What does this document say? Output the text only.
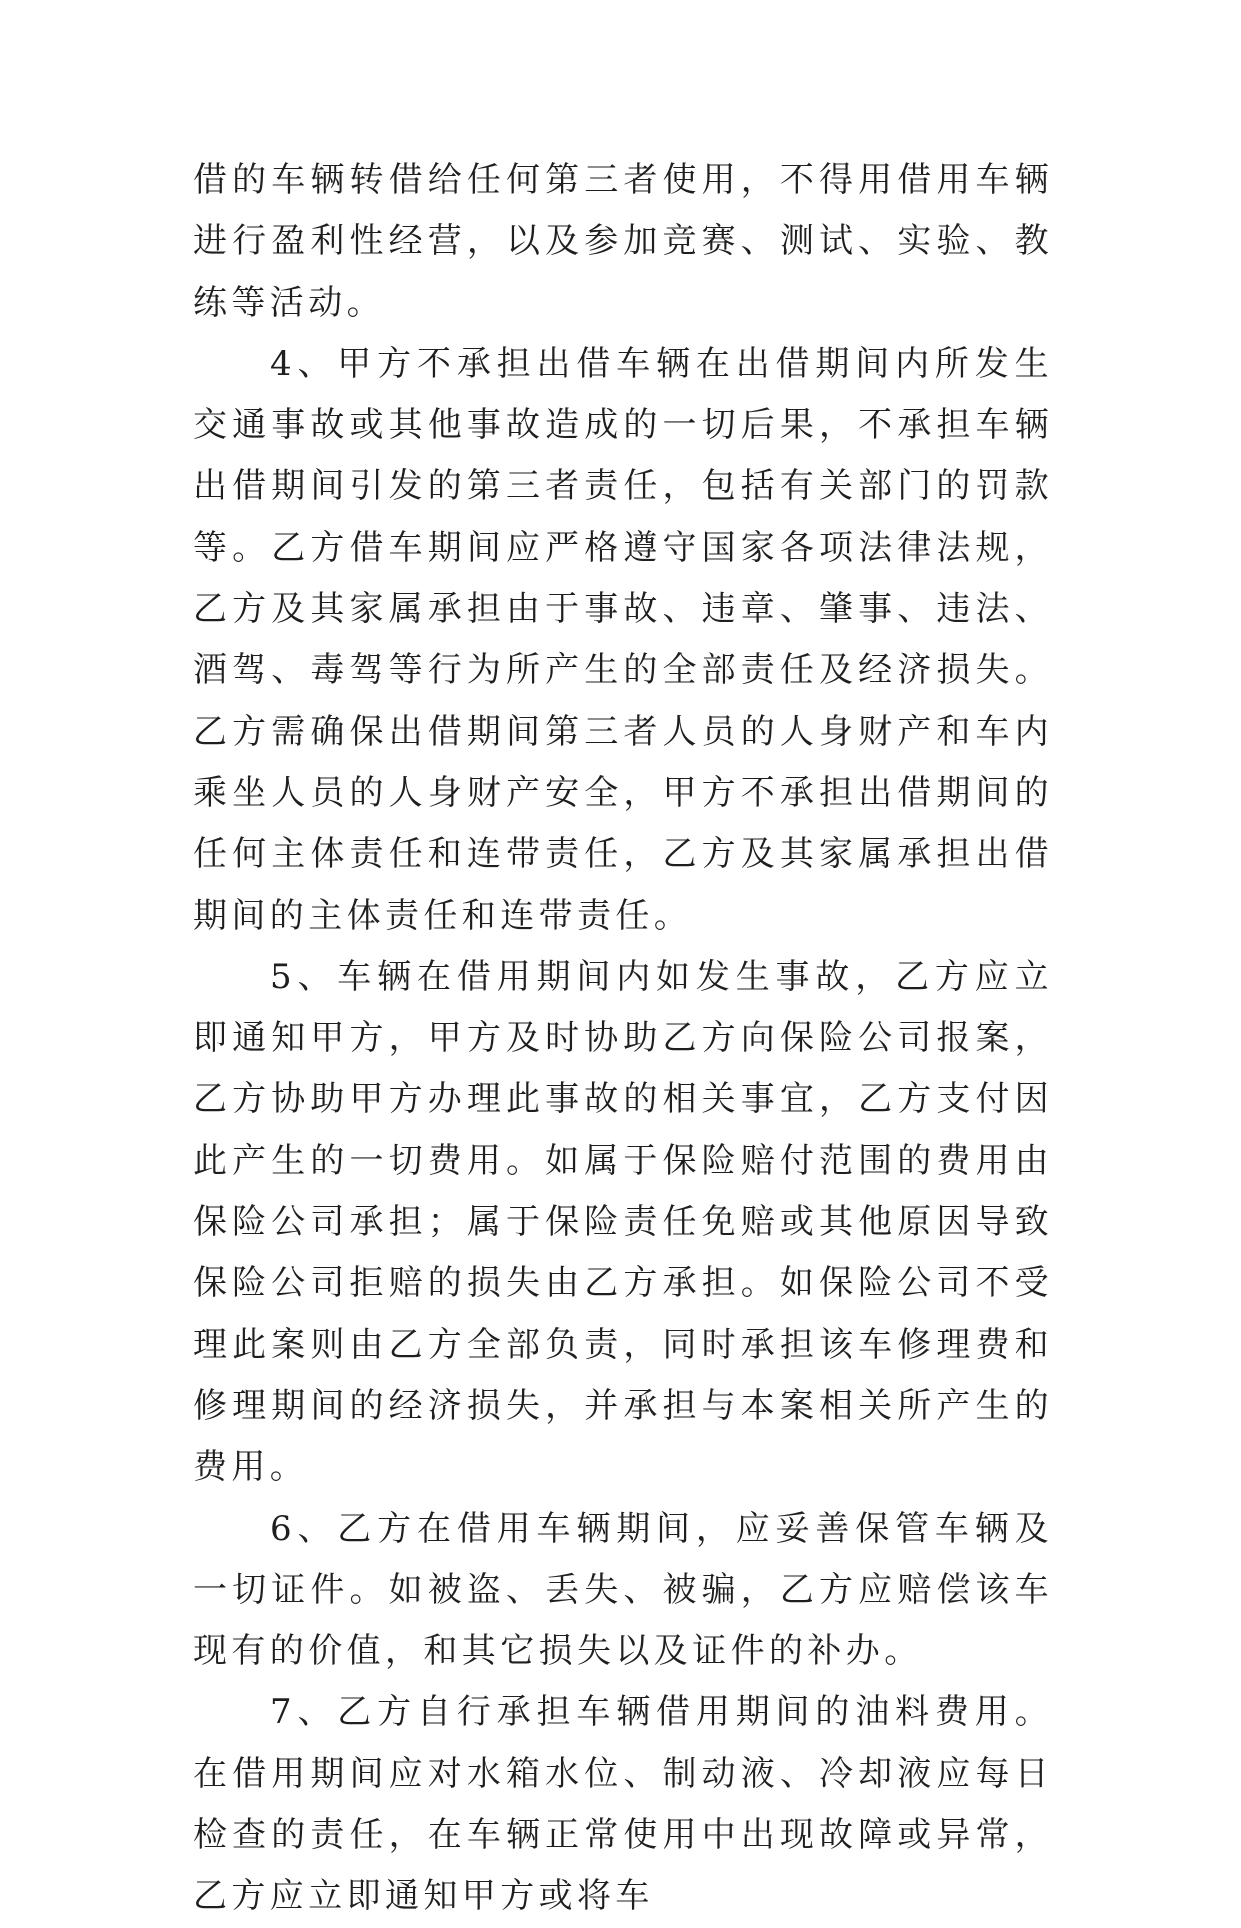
借的车辆转借给任何第三者使用，不得用借用车辆进行盈利性经营，以及参加竞赛、测试、实验、教练等活动。

4、甲方不承担出借车辆在出借期间内所发生交通事故或其他事故造成的一切后果，不承担车辆出借期间引发的第三者责任，包括有关部门的罚款等。乙方借车期间应严格遵守国家各项法律法规，乙方及其家属承担由于事故、违章、肇事、违法、酒驾、毒驾等行为所产生的全部责任及经济损失。乙方需确保出借期间第三者人员的人身财产和车内乘坐人员的人身财产安全，甲方不承担出借期间的任何主体责任和连带责任，乙方及其家属承担出借期间的主体责任和连带责任。

5、车辆在借用期间内如发生事故，乙方应立即通知甲方，甲方及时协助乙方向保险公司报案，乙方协助甲方办理此事故的相关事宜，乙方支付因此产生的一切费用。如属于保险赔付范围的费用由保险公司承担；属于保险责任免赔或其他原因导致保险公司拒赔的损失由乙方承担。如保险公司不受理此案则由乙方全部负责，同时承担该车修理费和修理期间的经济损失，并承担与本案相关所产生的费用。

6、乙方在借用车辆期间，应妥善保管车辆及一切证件。如被盗、丢失、被骗，乙方应赔偿该车现有的价值，和其它损失以及证件的补办。

7、乙方自行承担车辆借用期间的油料费用。在借用期间应对水箱水位、制动液、冷却液应每日检查的责任，在车辆正常使用中出现故障或异常，乙方应立即通知甲方或将车
